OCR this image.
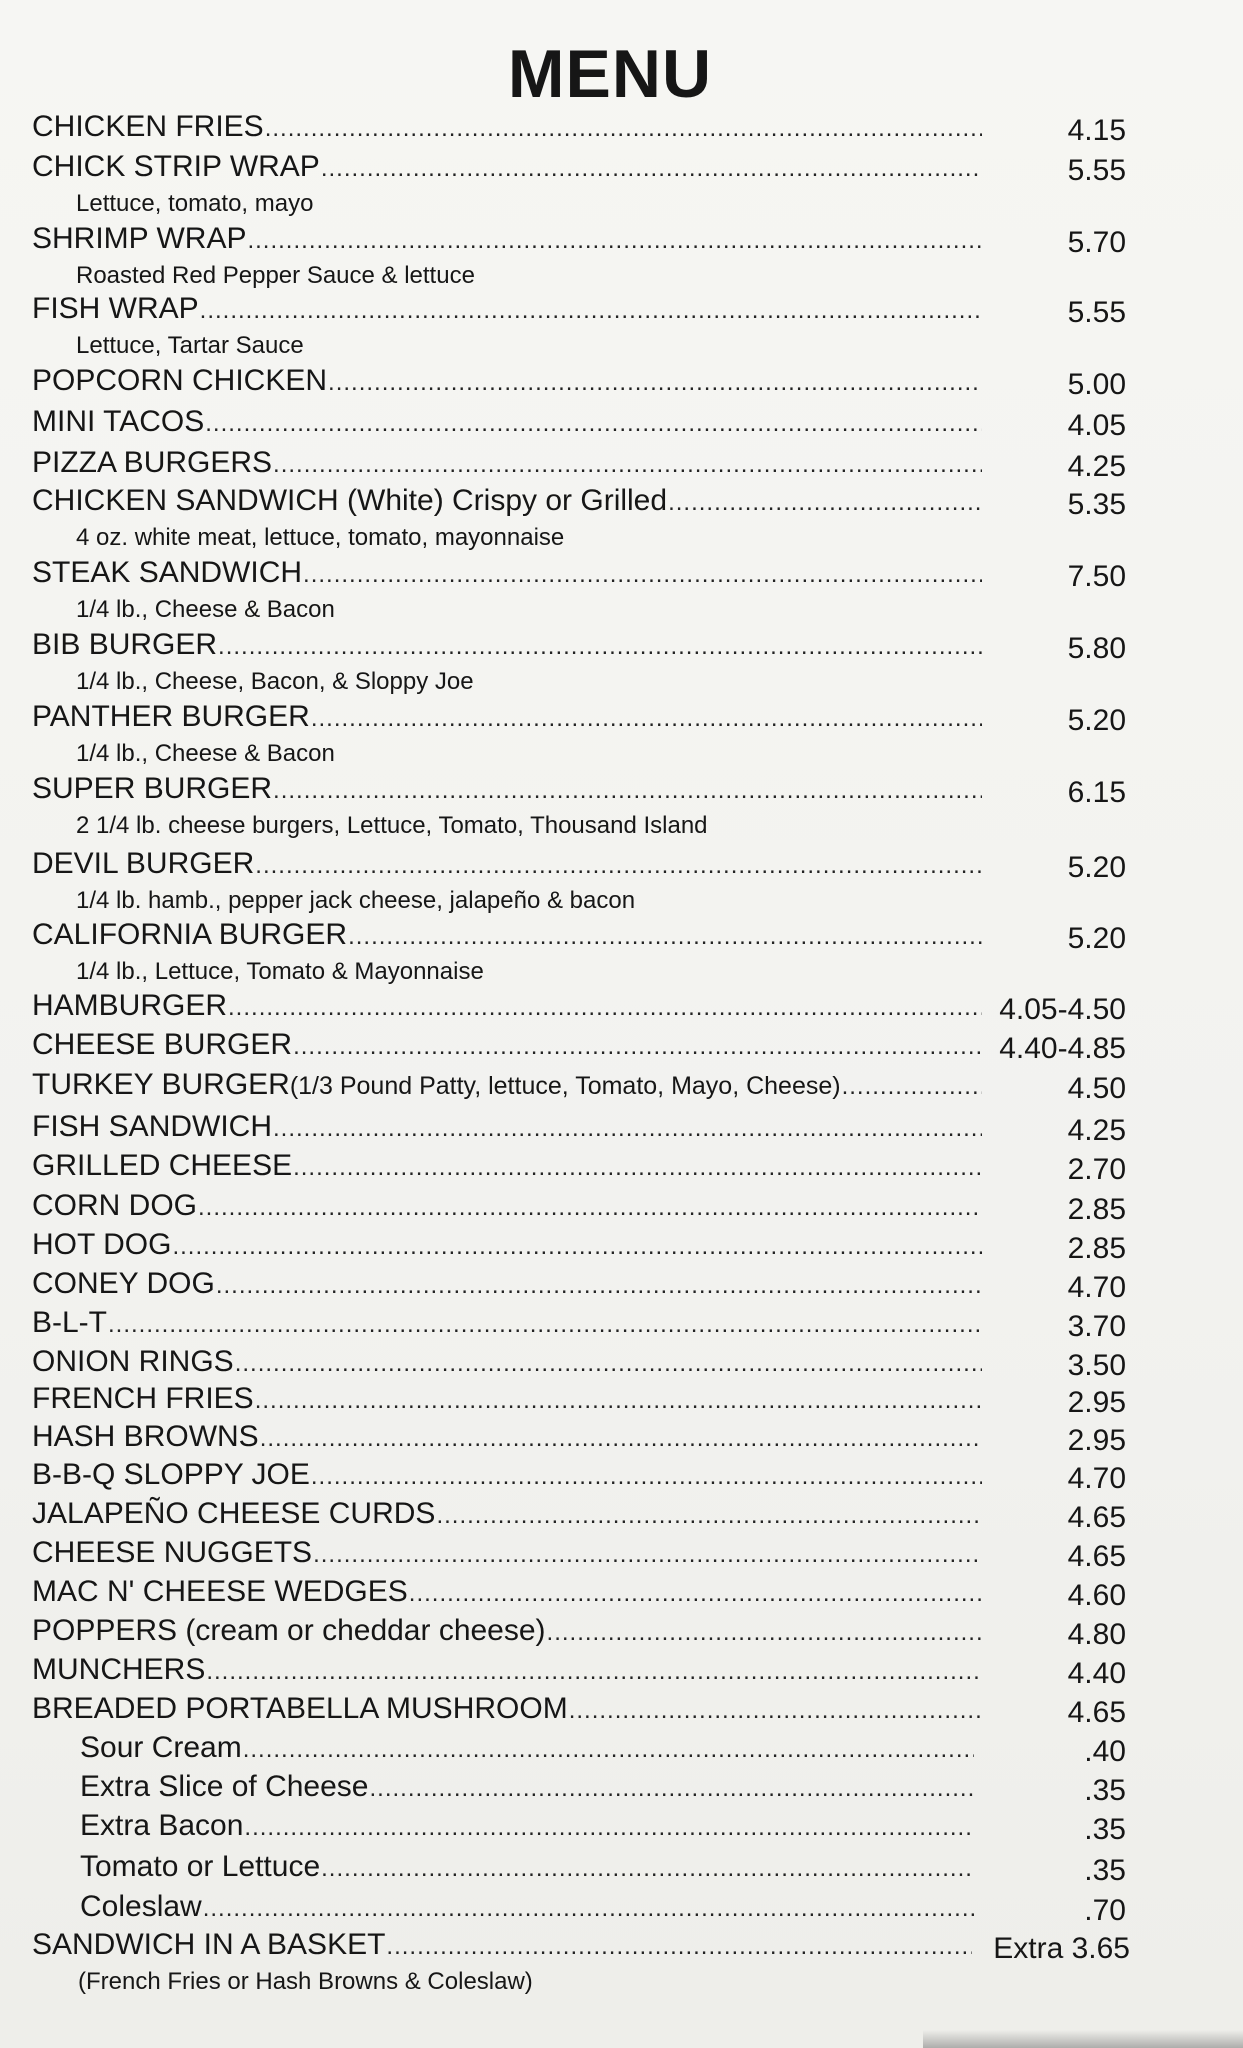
MENU
CHICKEN FRIES .....	4.15
CHICK STRIP WRAP .....	5.55
Lettuce, tomato, mayo
SHRIMP WRAP .....	5.70
Roasted Red Pepper Sauce & lettuce
FISH WRAP .....	5.55
Lettuce, Tartar Sauce
POPCORN CHICKEN .....	5.00
MINI TACOS .....	4.05
PIZZA BURGERS .....	4.25
CHICKEN SANDWICH (White) Crispy or Grilled .....	5.35
4 oz. white meat, lettuce, tomato, mayonnaise
STEAK SANDWICH .....	7.50
1/4 lb., Cheese & Bacon
BIB BURGER .....	5.80
1/4 lb., Cheese, Bacon, & Sloppy Joe
PANTHER BURGER .....	5.20
1/4 lb., Cheese & Bacon
SUPER BURGER .....	6.15
2 1/4 lb. cheese burgers, Lettuce, Tomato, Thousand Island
DEVIL BURGER .....	5.20
1/4 lb. hamb., pepper jack cheese, jalapeño & bacon
CALIFORNIA BURGER .....	5.20
1/4 lb., Lettuce, Tomato & Mayonnaise
HAMBURGER .....	4.05-4.50
CHEESE BURGER .....	4.40-4.85
TURKEY BURGER (1/3 Pound Patty, lettuce, Tomato, Mayo, Cheese) .....	4.50
FISH SANDWICH .....	4.25
GRILLED CHEESE .....	2.70
CORN DOG .....	2.85
HOT DOG .....	2.85
CONEY DOG .....	4.70
B-L-T .....	3.70
ONION RINGS .....	3.50
FRENCH FRIES .....	2.95
HASH BROWNS .....	2.95
B-B-Q SLOPPY JOE .....	4.70
JALAPEÑO CHEESE CURDS .....	4.65
CHEESE NUGGETS .....	4.65
MAC N' CHEESE WEDGES .....	4.60
POPPERS (cream or cheddar cheese) .....	4.80
MUNCHERS .....	4.40
BREADED PORTABELLA MUSHROOM .....	4.65
Sour Cream .....	.40
Extra Slice of Cheese .....	.35
Extra Bacon .....	.35
Tomato or Lettuce .....	.35
Coleslaw .....	.70
SANDWICH IN A BASKET .....	Extra 3.65
(French Fries or Hash Browns & Coleslaw)
